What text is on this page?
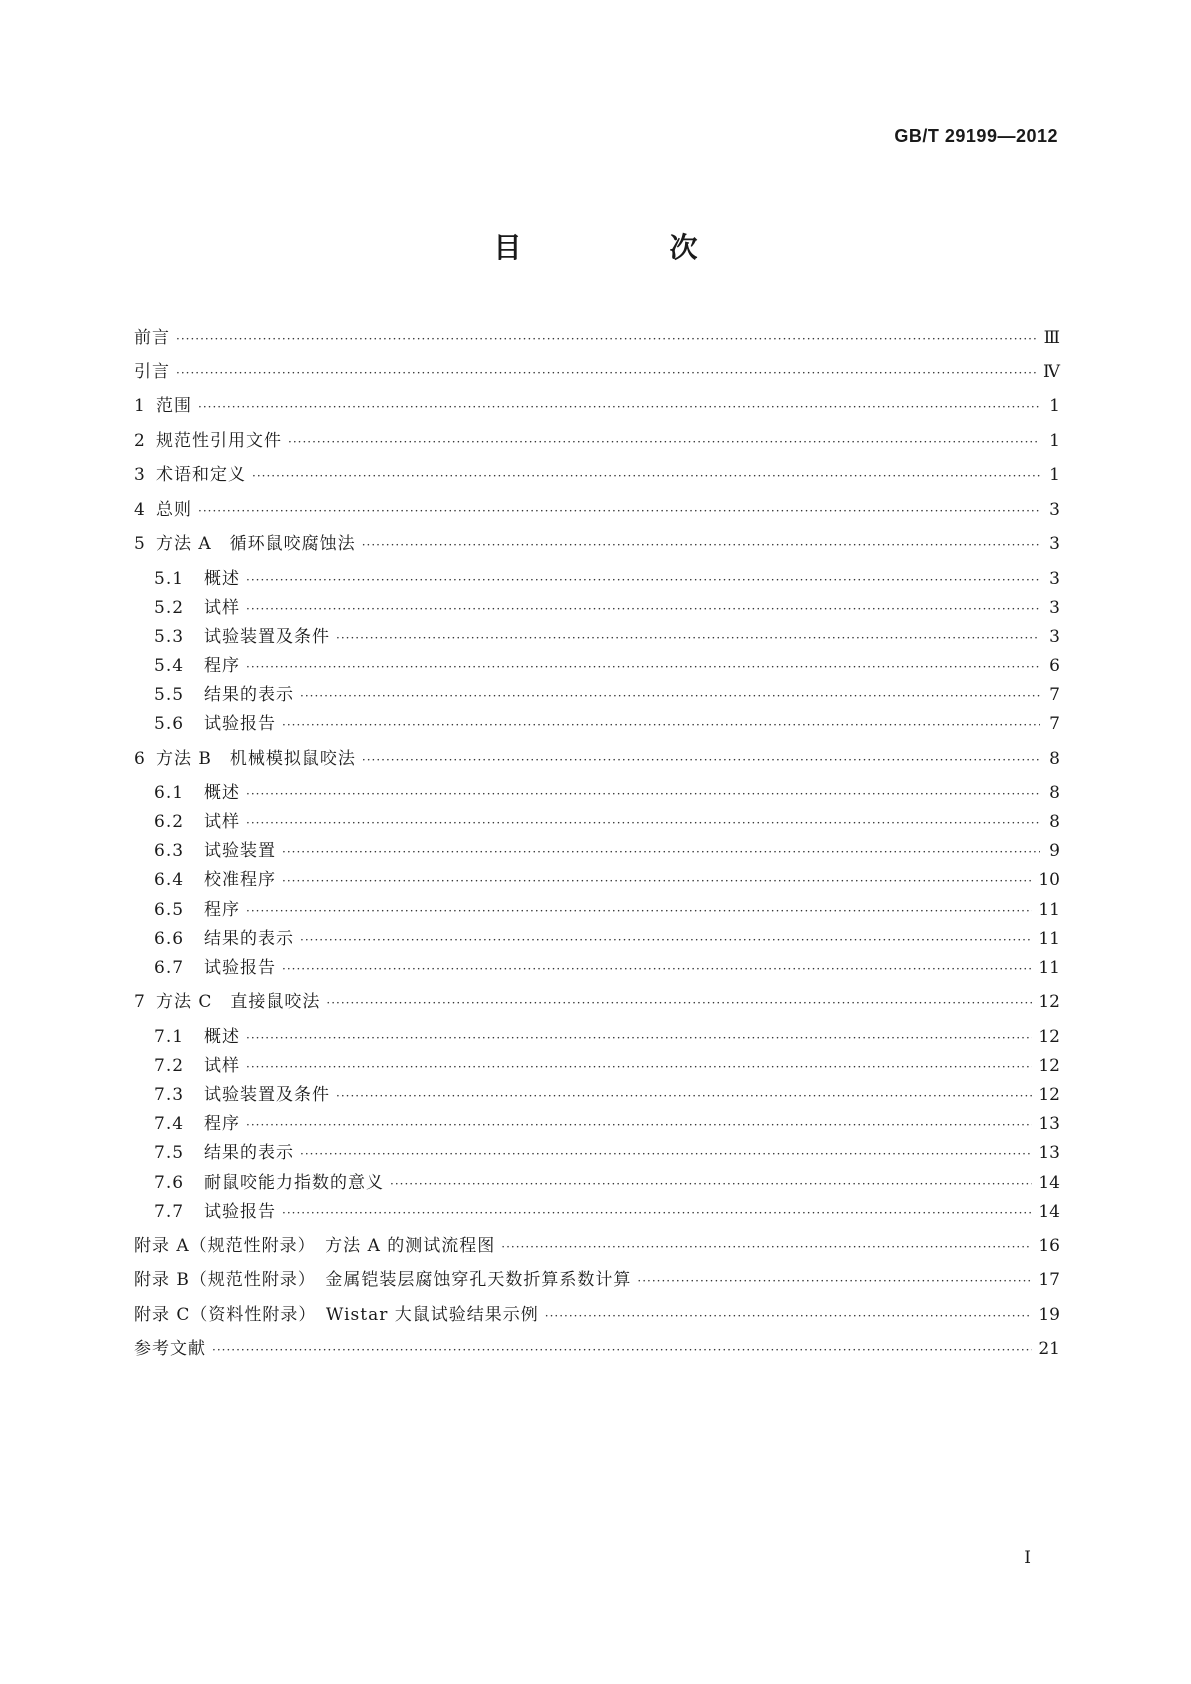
GB/T 29199—2012
目　次
前言 ·····	Ⅲ
引言 ·····	Ⅳ
1 范围 ·····	1
2 规范性引用文件 ·····	1
3 术语和定义 ·····	1
4 总则 ·····	3
5 方法 A　循环鼠咬腐蚀法 ·····	3
5.1 概述 ·····	3
5.2 试样 ·····	3
5.3 试验装置及条件 ·····	3
5.4 程序 ·····	6
5.5 结果的表示 ·····	7
5.6 试验报告 ·····	7
6 方法 B　机械模拟鼠咬法 ·····	8
6.1 概述 ·····	8
6.2 试样 ·····	8
6.3 试验装置 ·····	9
6.4 校准程序 ·····	10
6.5 程序 ·····	11
6.6 结果的表示 ·····	11
6.7 试验报告 ·····	11
7 方法 C　直接鼠咬法 ·····	12
7.1 概述 ·····	12
7.2 试样 ·····	12
7.3 试验装置及条件 ·····	12
7.4 程序 ·····	13
7.5 结果的表示 ·····	13
7.6 耐鼠咬能力指数的意义 ·····	14
7.7 试验报告 ·····	14
附录 A（规范性附录）　方法 A 的测试流程图 ·····	16
附录 B（规范性附录）　金属铠装层腐蚀穿孔天数折算系数计算 ·····	17
附录 C（资料性附录）　Wistar 大鼠试验结果示例 ·····	19
参考文献 ·····	21
Ⅰ
